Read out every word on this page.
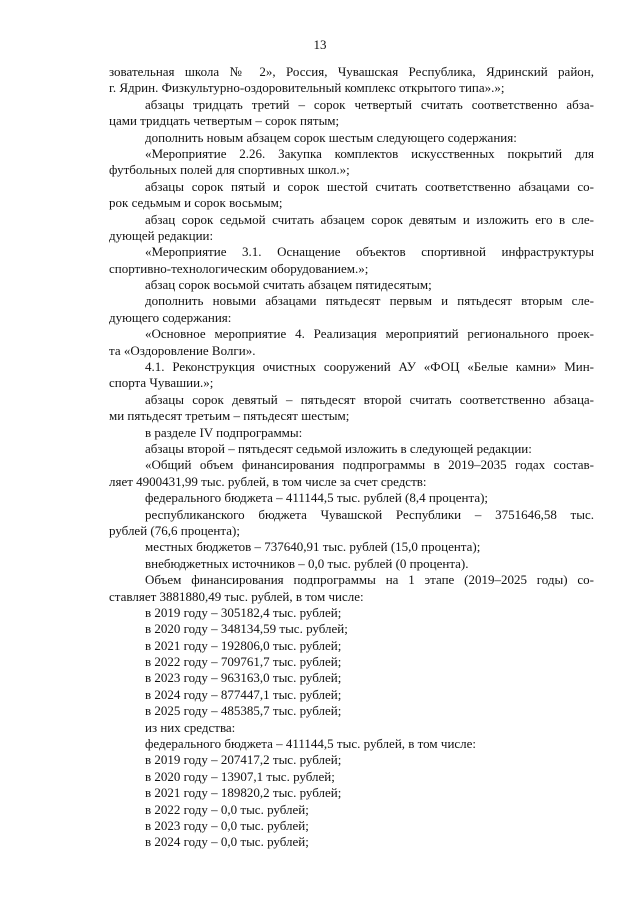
13
зовательная школа № 2», Россия, Чувашская Республика, Ядринский район,
г. Ядрин. Физкультурно-оздоровительный комплекс открытого типа».»;
абзацы тридцать третий – сорок четвертый считать соответственно абза-
цами тридцать четвертым – сорок пятым;
дополнить новым абзацем сорок шестым следующего содержания:
«Мероприятие 2.26. Закупка комплектов искусственных покрытий для
футбольных полей для спортивных школ.»;
абзацы сорок пятый и сорок шестой считать соответственно абзацами со-
рок седьмым и сорок восьмым;
абзац сорок седьмой считать абзацем сорок девятым и изложить его в сле-
дующей редакции:
«Мероприятие 3.1. Оснащение объектов спортивной инфраструктуры
спортивно-технологическим оборудованием.»;
абзац сорок восьмой считать абзацем пятидесятым;
дополнить новыми абзацами пятьдесят первым и пятьдесят вторым сле-
дующего содержания:
«Основное мероприятие 4. Реализация мероприятий регионального проек-
та «Оздоровление Волги».
4.1. Реконструкция очистных сооружений АУ «ФОЦ «Белые камни» Мин-
спорта Чувашии.»;
абзацы сорок девятый – пятьдесят второй считать соответственно абзаца-
ми пятьдесят третьим – пятьдесят шестым;
в разделе IV подпрограммы:
абзацы второй – пятьдесят седьмой изложить в следующей редакции:
«Общий объем финансирования подпрограммы в 2019–2035 годах состав-
ляет 4900431,99 тыс. рублей, в том числе за счет средств:
федерального бюджета – 411144,5 тыс. рублей (8,4 процента);
республиканского бюджета Чувашской Республики – 3751646,58 тыс.
рублей (76,6 процента);
местных бюджетов – 737640,91 тыс. рублей (15,0 процента);
внебюджетных источников – 0,0 тыс. рублей (0 процента).
Объем финансирования подпрограммы на 1 этапе (2019–2025 годы) со-
ставляет 3881880,49 тыс. рублей, в том числе:
в 2019 году – 305182,4 тыс. рублей;
в 2020 году – 348134,59 тыс. рублей;
в 2021 году – 192806,0 тыс. рублей;
в 2022 году – 709761,7 тыс. рублей;
в 2023 году – 963163,0 тыс. рублей;
в 2024 году – 877447,1 тыс. рублей;
в 2025 году – 485385,7 тыс. рублей;
из них средства:
федерального бюджета – 411144,5 тыс. рублей, в том числе:
в 2019 году – 207417,2 тыс. рублей;
в 2020 году – 13907,1 тыс. рублей;
в 2021 году – 189820,2 тыс. рублей;
в 2022 году – 0,0 тыс. рублей;
в 2023 году – 0,0 тыс. рублей;
в 2024 году – 0,0 тыс. рублей;
